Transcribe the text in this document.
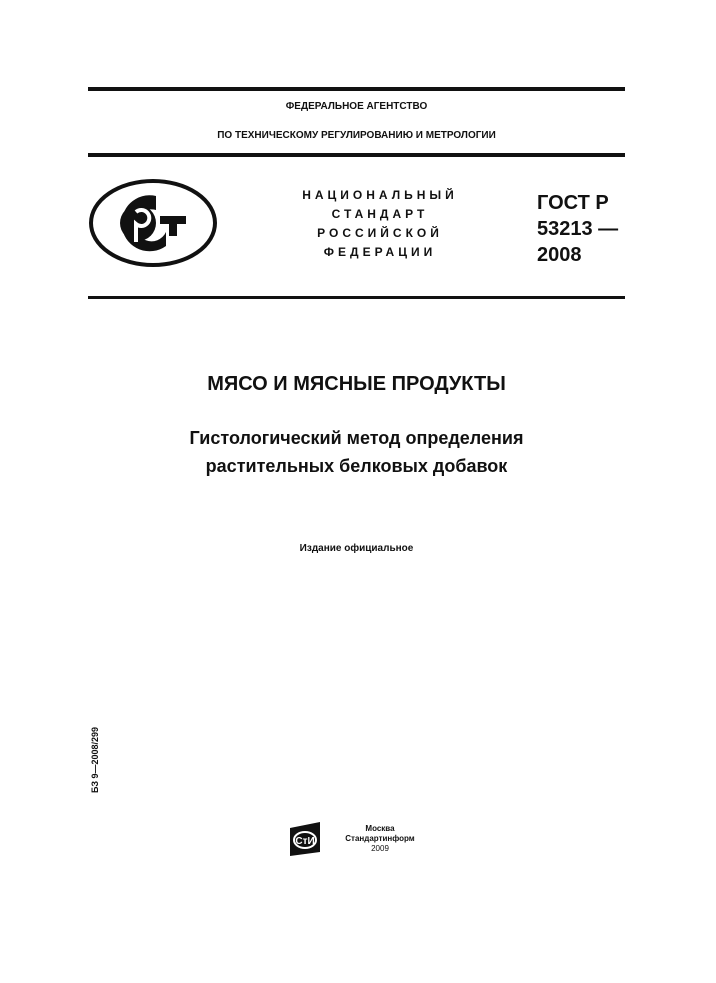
ФЕДЕРАЛЬНОЕ АГЕНТСТВО
ПО ТЕХНИЧЕСКОМУ РЕГУЛИРОВАНИЮ И МЕТРОЛОГИИ
НАЦИОНАЛЬНЫЙ
СТАНДАРТ
РОССИЙСКОЙ
ФЕДЕРАЦИИ
ГОСТ Р
53213 —
2008
МЯСО И МЯСНЫЕ ПРОДУКТЫ
Гистологический метод определения
растительных белковых добавок
Издание официальное
БЗ 9—2008/299
СтИ
Москва
Стандартинформ
2009
